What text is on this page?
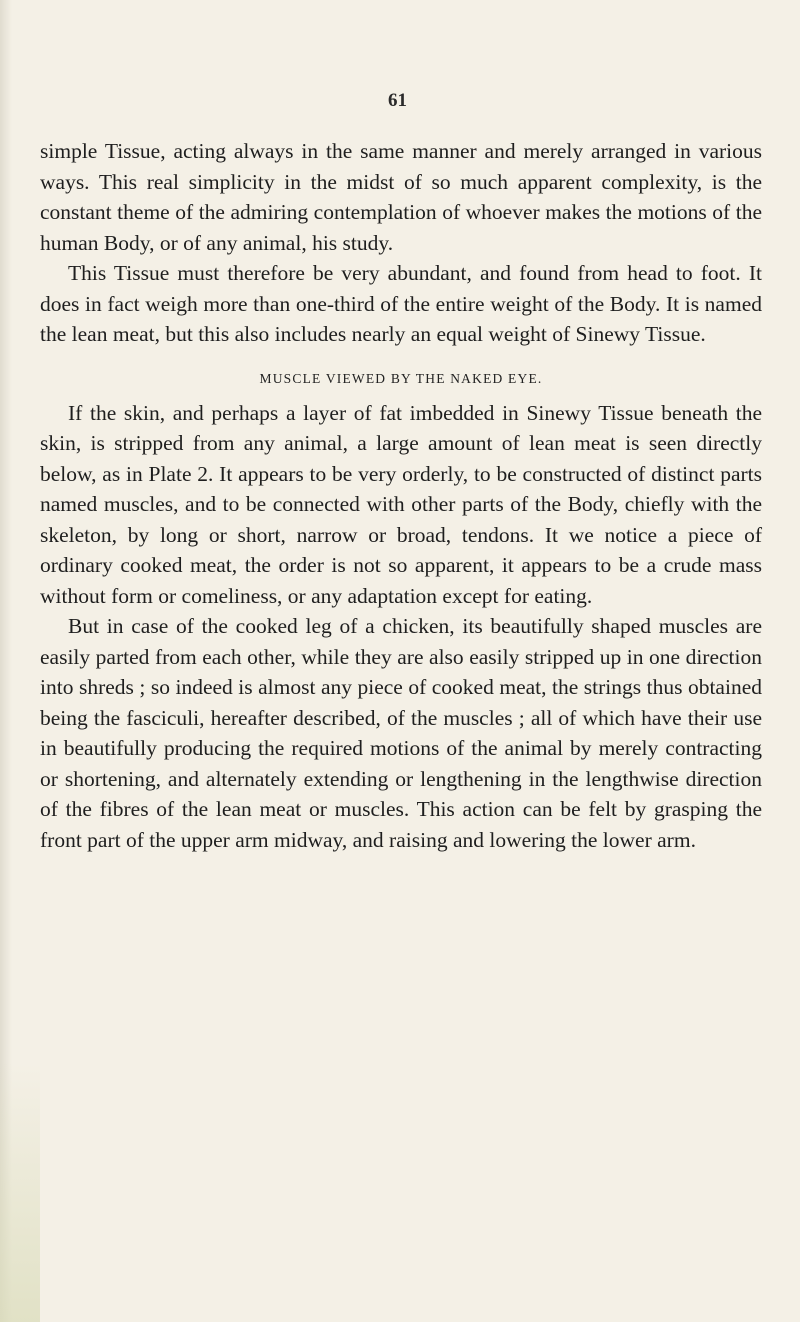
61

simple Tissue, acting always in the same manner and merely arranged in various ways. This real simplicity in the midst of so much apparent complexity, is the constant theme of the admiring contemplation of whoever makes the motions of the human Body, or of any animal, his study.

This Tissue must therefore be very abundant, and found from head to foot. It does in fact weigh more than one-third of the entire weight of the Body. It is named the lean meat, but this also includes nearly an equal weight of Sinewy Tissue.

MUSCLE VIEWED BY THE NAKED EYE.

If the skin, and perhaps a layer of fat imbedded in Sinewy Tissue beneath the skin, is stripped from any animal, a large amount of lean meat is seen directly below, as in Plate 2. It appears to be very orderly, to be constructed of distinct parts named muscles, and to be connected with other parts of the Body, chiefly with the skeleton, by long or short, narrow or broad, tendons. It we notice a piece of ordinary cooked meat, the order is not so apparent, it appears to be a crude mass without form or comeliness, or any adaptation except for eating.

But in case of the cooked leg of a chicken, its beautifully shaped muscles are easily parted from each other, while they are also easily stripped up in one direction into shreds ; so indeed is almost any piece of cooked meat, the strings thus obtained being the fasciculi, hereafter described, of the muscles ; all of which have their use in beautifully producing the required motions of the animal by merely contracting or shortening, and alternately extending or lengthening in the lengthwise direction of the fibres of the lean meat or muscles. This action can be felt by grasping the front part of the upper arm midway, and raising and lowering the lower arm.
